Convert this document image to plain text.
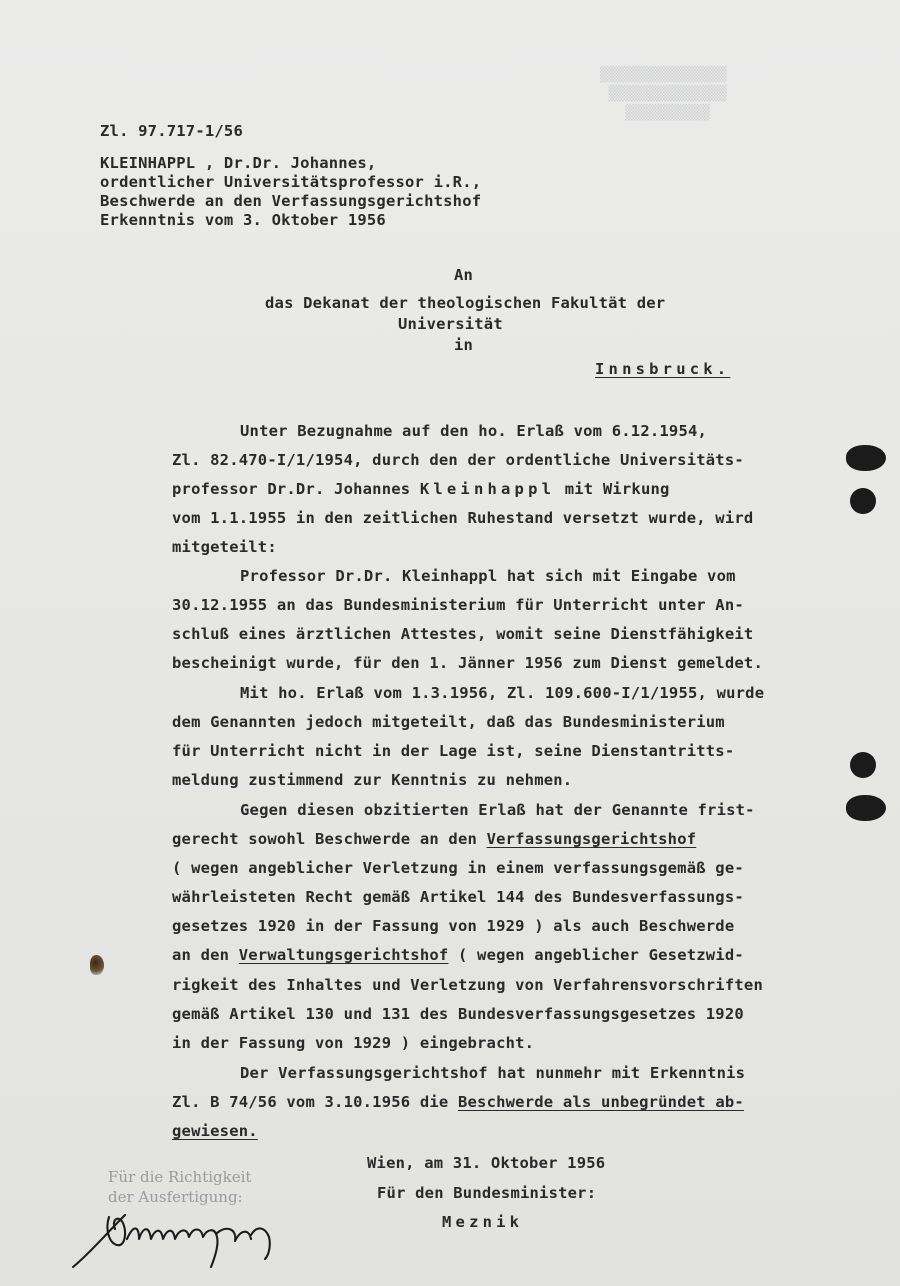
▒▒▒▒▒▒▒▒▒▒▒▒▒▒▒
▒▒▒▒▒▒▒▒▒▒▒▒▒▒
▒▒▒▒▒▒▒▒▒▒
Zl. 97.717-1/56
KLEINHAPPL , Dr.Dr. Johannes,
ordentlicher Universitätsprofessor i.R.,
Beschwerde an den Verfassungsgerichtshof
Erkenntnis vom 3. Oktober 1956
An
das Dekanat der theologischen Fakultät der
Universität
in
Innsbruck.
Unter Bezugnahme auf den ho. Erlaß vom 6.12.1954,
Zl. 82.470-I/1/1954, durch den der ordentliche Universitäts-
professor Dr.Dr. Johannes Kleinhappl mit Wirkung
vom 1.1.1955 in den zeitlichen Ruhestand versetzt wurde, wird
mitgeteilt:
Professor Dr.Dr. Kleinhappl hat sich mit Eingabe vom
30.12.1955 an das Bundesministerium für Unterricht unter An-
schluß eines ärztlichen Attestes, womit seine Dienstfähigkeit
bescheinigt wurde, für den 1. Jänner 1956 zum Dienst gemeldet.
Mit ho. Erlaß vom 1.3.1956, Zl. 109.600-I/1/1955, wurde
dem Genannten jedoch mitgeteilt, daß das Bundesministerium
für Unterricht nicht in der Lage ist, seine Dienstantritts-
meldung zustimmend zur Kenntnis zu nehmen.
Gegen diesen obzitierten Erlaß hat der Genannte frist-
gerecht sowohl Beschwerde an den Verfassungsgerichtshof
( wegen angeblicher Verletzung in einem verfassungsgemäß ge-
währleisteten Recht gemäß Artikel 144 des Bundesverfassungs-
gesetzes 1920 in der Fassung von 1929 ) als auch Beschwerde
an den Verwaltungsgerichtshof ( wegen angeblicher Gesetzwid-
rigkeit des Inhaltes und Verletzung von Verfahrensvorschriften
gemäß Artikel 130 und 131 des Bundesverfassungsgesetzes 1920
in der Fassung von 1929 ) eingebracht.
Der Verfassungsgerichtshof hat nunmehr mit Erkenntnis
Zl. B 74/56 vom 3.10.1956 die Beschwerde als unbegründet ab-
gewiesen.
Wien, am 31. Oktober 1956
Für den Bundesminister:
Meznik
Für die Richtigkeit
der Ausfertigung:
